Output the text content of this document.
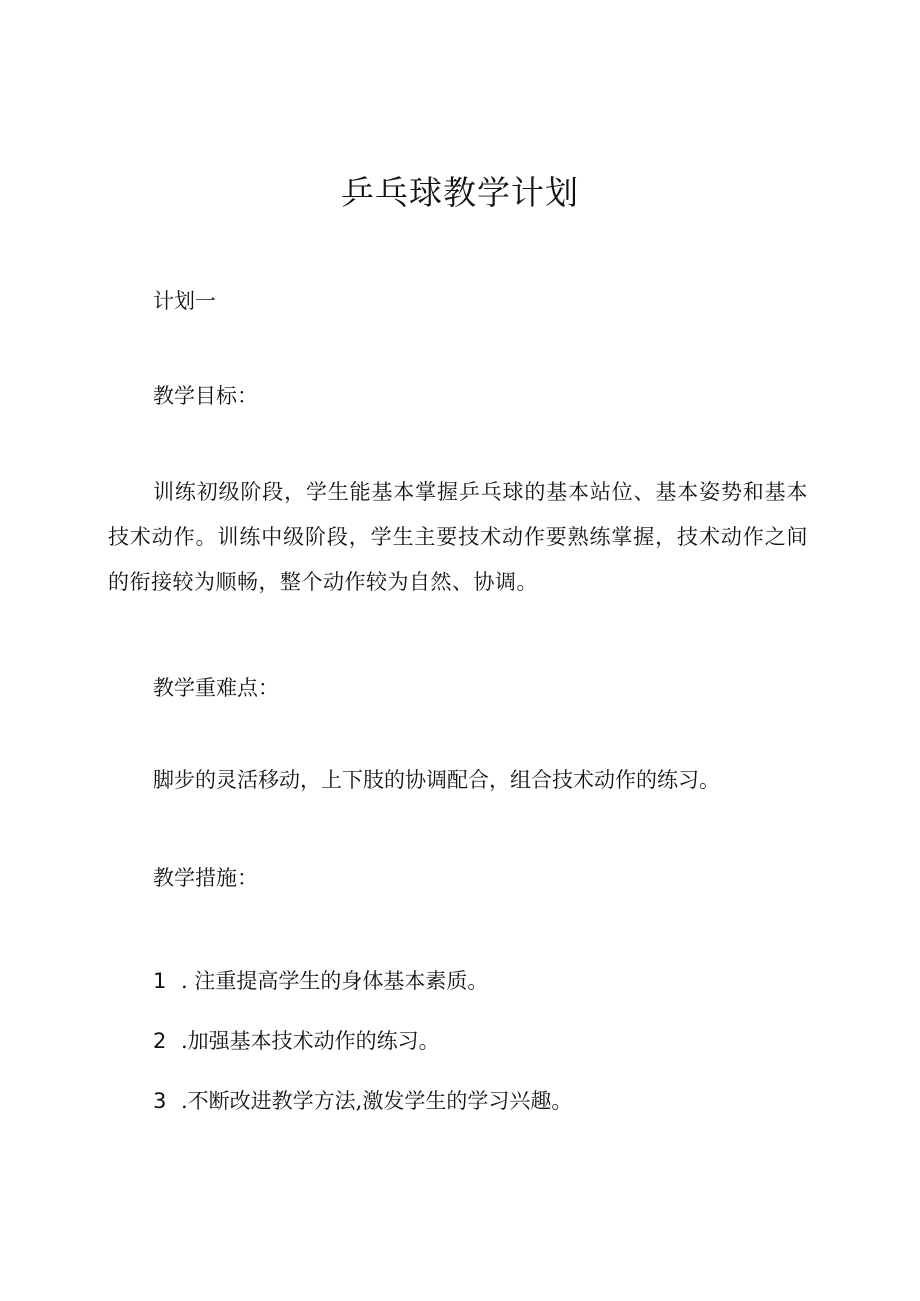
乒乓球教学计划
计划一
教学目标：
训练初级阶段，学生能基本掌握乒乓球的基本站位、基本姿势和基本技术动作。训练中级阶段，学生主要技术动作要熟练掌握，技术动作之间的衔接较为顺畅，整个动作较为自然、协调。
教学重难点：
脚步的灵活移动，上下肢的协调配合，组合技术动作的练习。
教学措施：
1 . 注重提高学生的身体基本素质。
2 .加强基本技术动作的练习。
3 .不断改进教学方法,激发学生的学习兴趣。
